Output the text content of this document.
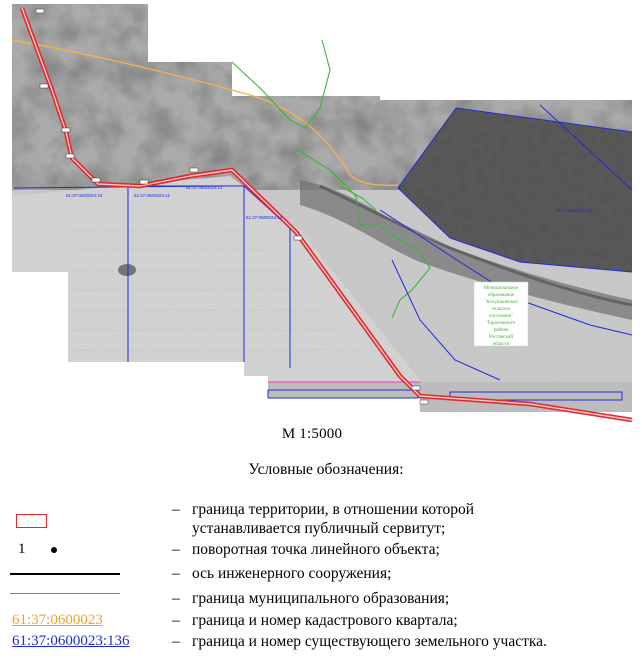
61:37:0600024:10	61:37:0600024:11
61:37:0600024:12
61:37:0600024:13
61:37:0600024:14
Муниципальное
образование
"Колушкинское
сельское
поселение"
Тарасовского
района
Ростовской
области
М 1:5000
Условные обозначения:
– граница территории, в отношении которой
устанавливается публичный сервитут;
1	– поворотная точка линейного объекта;
– ось инженерного сооружения;
– граница муниципального образования;
61:37:0600023	– граница и номер кадастрового квартала;
61:37:0600023:136	– граница и номер существующего земельного участка.
